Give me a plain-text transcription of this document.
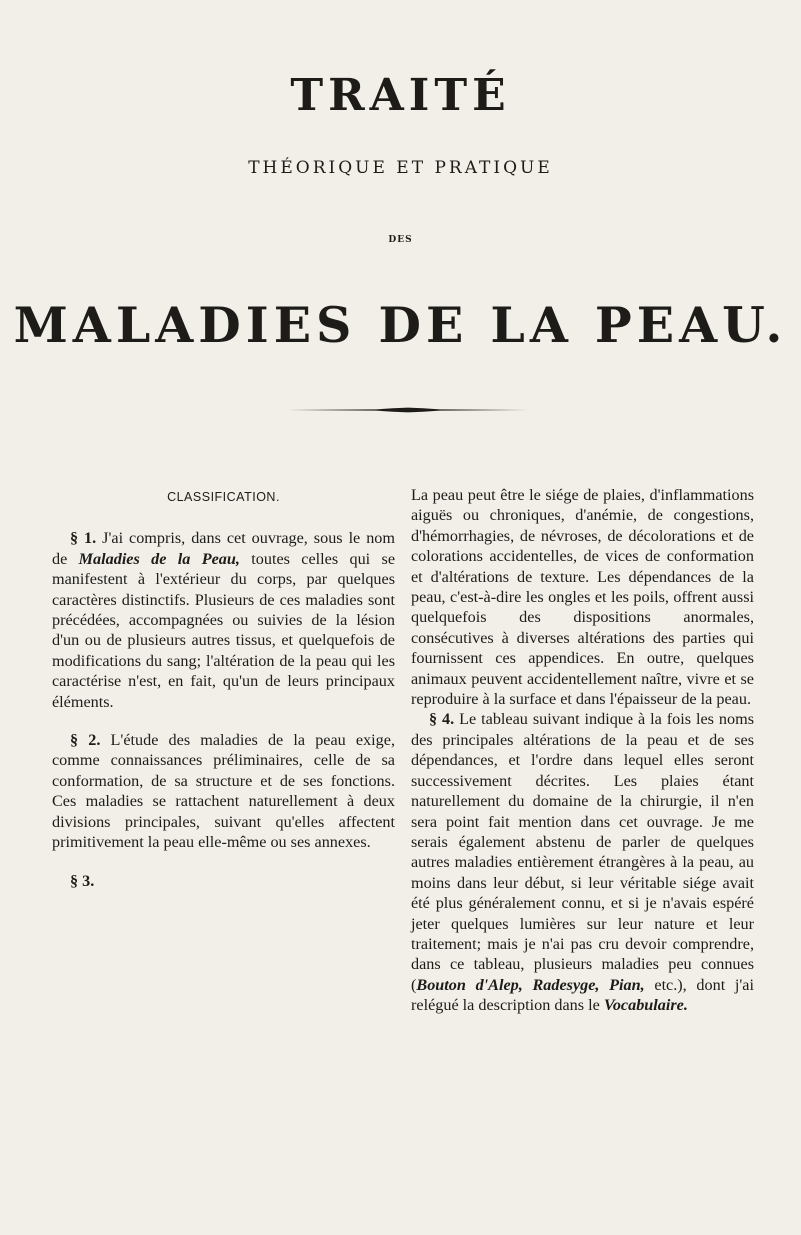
TRAITÉ
THÉORIQUE ET PRATIQUE
DES
MALADIES DE LA PEAU.
CLASSIFICATION.

§ 1. J'ai compris, dans cet ouvrage, sous le nom de Maladies de la Peau, toutes celles qui se manifestent à l'extérieur du corps, par quelques caractères distinctifs. Plusieurs de ces maladies sont précédées, accompagnées ou suivies de la lésion d'un ou de plusieurs autres tissus, et quelquefois de modifications du sang; l'altération de la peau qui les caractérise n'est, en fait, qu'un de leurs principaux éléments.

§ 2. L'étude des maladies de la peau exige, comme connaissances préliminaires, celle de sa conformation, de sa structure et de ses fonctions. Ces maladies se rattachent naturellement à deux divisions principales, suivant qu'elles affectent primitivement la peau elle-même ou ses annexes.

§ 3.

La peau peut être le siége de plaies, d'inflammations aiguës ou chroniques, d'anémie, de congestions, d'hémorrhagies, de névroses, de décolorations et de colorations accidentelles, de vices de conformation et d'altérations de texture. Les dépendances de la peau, c'est-à-dire les ongles et les poils, offrent aussi quelquefois des dispositions anormales, consécutives à diverses altérations des parties qui fournissent ces appendices. En outre, quelques animaux peuvent accidentellement naître, vivre et se reproduire à la surface et dans l'épaisseur de la peau.

§ 4. Le tableau suivant indique à la fois les noms des principales altérations de la peau et de ses dépendances, et l'ordre dans lequel elles seront successivement décrites. Les plaies étant naturellement du domaine de la chirurgie, il n'en sera point fait mention dans cet ouvrage. Je me serais également abstenu de parler de quelques autres maladies entièrement étrangères à la peau, au moins dans leur début, si leur véritable siége avait été plus généralement connu, et si je n'avais espéré jeter quelques lumières sur leur nature et leur traitement; mais je n'ai pas cru devoir comprendre, dans ce tableau, plusieurs maladies peu connues (Bouton d'Alep, Radesyge, Pian, etc.), dont j'ai relégué la description dans le Vocabulaire.
